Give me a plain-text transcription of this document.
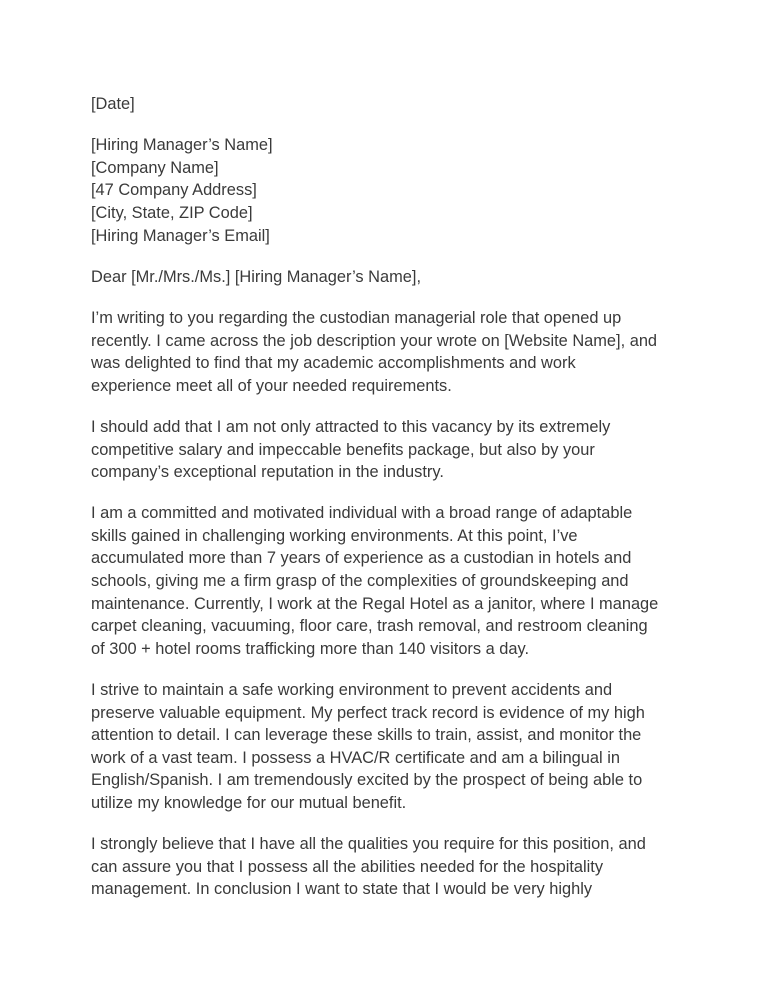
[Date]
[Hiring Manager’s Name]
[Company Name]
[47 Company Address]
[City, State, ZIP Code]
[Hiring Manager’s Email]
Dear [Mr./Mrs./Ms.] [Hiring Manager’s Name],
I’m writing to you regarding the custodian managerial role that opened up
recently. I came across the job description your wrote on [Website Name], and
was delighted to find that my academic accomplishments and work
experience meet all of your needed requirements.
I should add that I am not only attracted to this vacancy by its extremely
competitive salary and impeccable benefits package, but also by your
company’s exceptional reputation in the industry.
I am a committed and motivated individual with a broad range of adaptable
skills gained in challenging working environments. At this point, I’ve
accumulated more than 7 years of experience as a custodian in hotels and
schools, giving me a firm grasp of the complexities of groundskeeping and
maintenance. Currently, I work at the Regal Hotel as a janitor, where I manage
carpet cleaning, vacuuming, floor care, trash removal, and restroom cleaning
of 300 + hotel rooms trafficking more than 140 visitors a day.
I strive to maintain a safe working environment to prevent accidents and
preserve valuable equipment. My perfect track record is evidence of my high
attention to detail. I can leverage these skills to train, assist, and monitor the
work of a vast team. I possess a HVAC/R certificate and am a bilingual in
English/Spanish. I am tremendously excited by the prospect of being able to
utilize my knowledge for our mutual benefit.
I strongly believe that I have all the qualities you require for this position, and
can assure you that I possess all the abilities needed for the hospitality
management. In conclusion I want to state that I would be very highly
